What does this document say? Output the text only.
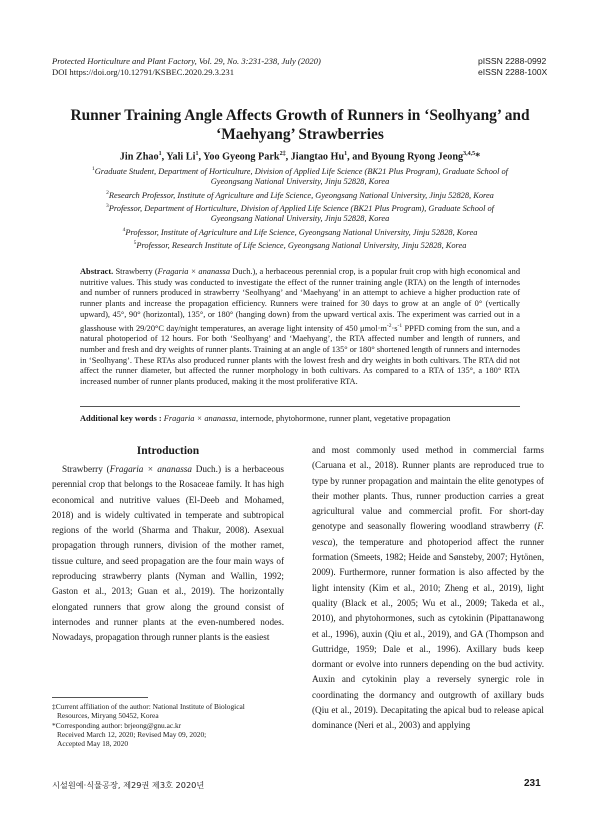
Protected Horticulture and Plant Factory, Vol. 29, No. 3:231-238, July (2020)
DOI https://doi.org/10.12791/KSBEC.2020.29.3.231
pISSN 2288-0992
eISSN 2288-100X
Runner Training Angle Affects Growth of Runners in ‘Seolhyang’ and
‘Maehyang’ Strawberries
Jin Zhao$^1$, Yali Li$^1$, Yoo Gyeong Park$^{2\ddagger}$, Jiangtao Hu$^1$, and Byoung Ryong Jeong$^{3,4,5}$*
$^1$Graduate Student, Department of Horticulture, Division of Applied Life Science (BK21 Plus Program), Graduate School of
Gyeongsang National University, Jinju 52828, Korea
$^2$Research Professor, Institute of Agriculture and Life Science, Gyeongsang National University, Jinju 52828, Korea
$^3$Professor, Department of Horticulture, Division of Applied Life Science (BK21 Plus Program), Graduate School of
Gyeongsang National University, Jinju 52828, Korea
$^4$Professor, Institute of Agriculture and Life Science, Gyeongsang National University, Jinju 52828, Korea
$^5$Professor, Research Institute of Life Science, Gyeongsang National University, Jinju 52828, Korea
Abstract. Strawberry (Fragaria × ananassa Duch.), a herbaceous perennial crop, is a popular fruit crop with high economical and nutritive values. This study was conducted to investigate the effect of the runner training angle (RTA) on the length of internodes and number of runners produced in strawberry ‘Seolhyang’ and ‘Maehyang’ in an attempt to achieve a higher production rate of runner plants and increase the propagation efficiency. Runners were trained for 30 days to grow at an angle of 0° (vertically upward), 45°, 90° (horizontal), 135°, or 180° (hanging down) from the upward vertical axis. The experiment was carried out in a glasshouse with 29/20°C day/night temperatures, an average light intensity of 450 $\mu mol\cdot m^{-2}\cdot s^{-1}$ PPFD coming from the sun, and a natural photoperiod of 12 hours. For both ‘Seolhyang’ and ‘Maehyang’, the RTA affected number and length of runners, and number and fresh and dry weights of runner plants. Training at an angle of 135° or 180° shortened length of runners and internodes in ‘Seolhyang’. These RTAs also produced runner plants with the lowest fresh and dry weights in both cultivars. The RTA did not affect the runner diameter, but affected the runner morphology in both cultivars. As compared to a RTA of 135°, a 180° RTA increased number of runner plants produced, making it the most proliferative RTA.
Additional key words : Fragaria × ananassa, internode, phytohormone, runner plant, vegetative propagation
Introduction

Strawberry (Fragaria × ananassa Duch.) is a herbaceous perennial crop that belongs to the Rosaceae family. It has high economical and nutritive values (El-Deeb and Mohamed, 2018) and is widely cultivated in temperate and subtropical regions of the world (Sharma and Thakur, 2008). Asexual propagation through runners, division of the mother ramet, tissue culture, and seed propagation are the four main ways of reproducing strawberry plants (Nyman and Wallin, 1992; Gaston et al., 2013; Guan et al., 2019). The horizontally elongated runners that grow along the ground consist of internodes and runner plants at the even-numbered nodes. Nowadays, propagation through runner plants is the easiest

and most commonly used method in commercial farms (Caruana et al., 2018). Runner plants are reproduced true to type by runner propagation and maintain the elite genotypes of their mother plants. Thus, runner production carries a great agricultural value and commercial profit. For short-day genotype and seasonally flowering woodland strawberry (F. vesca), the temperature and photoperiod affect the runner formation (Smeets, 1982; Heide and Sønsteby, 2007; Hytönen, 2009). Furthermore, runner formation is also affected by the light intensity (Kim et al., 2010; Zheng et al., 2019), light quality (Black et al., 2005; Wu et al., 2009; Takeda et al., 2010), and phytohormones, such as cytokinin (Pipattanawong et al., 1996), auxin (Qiu et al., 2019), and GA (Thompson and Guttridge, 1959; Dale et al., 1996). Axillary buds keep dormant or evolve into runners depending on the bud activity. Auxin and cytokinin play a reversely synergic role in coordinating the dormancy and outgrowth of axillary buds (Qiu et al., 2019). Decapitating the apical bud to release apical dominance (Neri et al., 2003) and applying

‡Current affiliation of the author: National Institute of Biological
Resources, Miryang 50452, Korea
*Corresponding author: brjeong@gnu.ac.kr
Received March 12, 2020; Revised May 09, 2020;
Accepted May 18, 2020
시설원예·식물공장, 제29권 제3호 2020년	231
